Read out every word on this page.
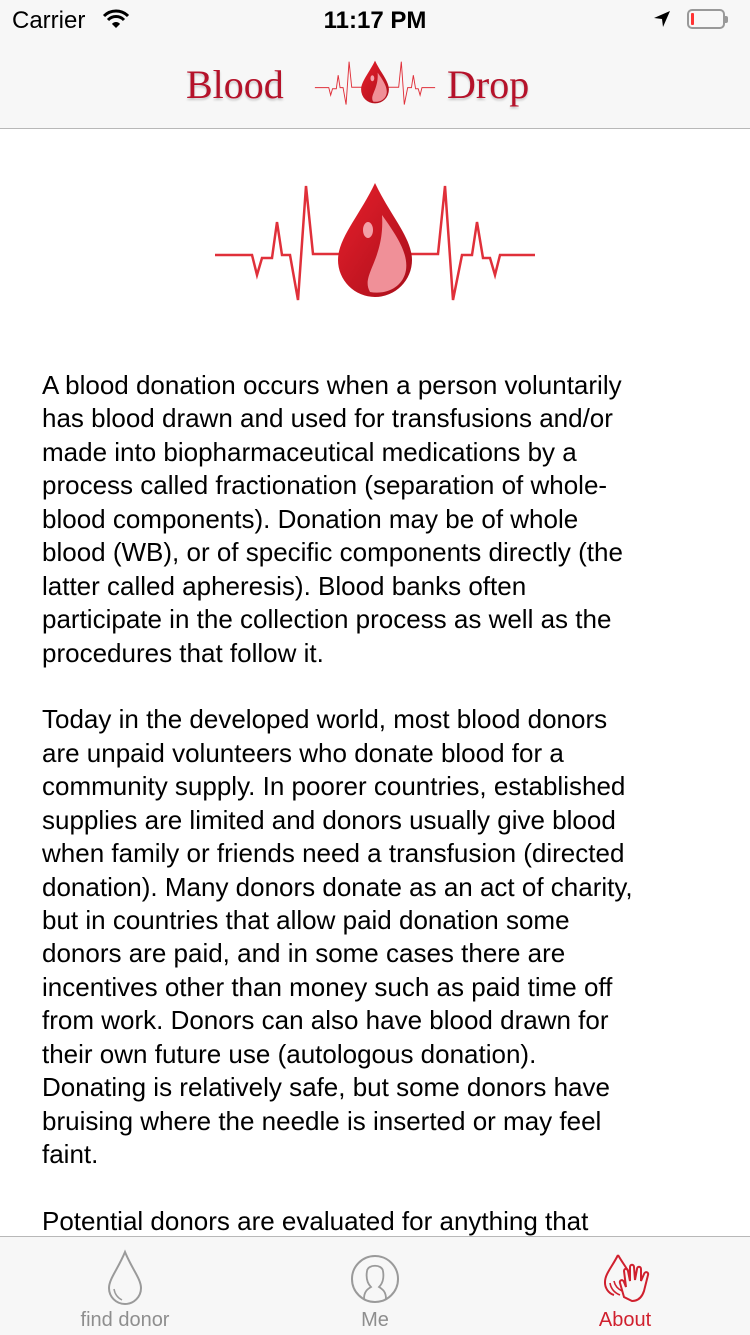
Carrier	11:17 PM
Blood	Drop
A blood donation occurs when a person voluntarily
has blood drawn and used for transfusions and/or
made into biopharmaceutical medications by a
process called fractionation (separation of whole-
blood components). Donation may be of whole
blood (WB), or of specific components directly (the
latter called apheresis). Blood banks often
participate in the collection process as well as the
procedures that follow it.
Today in the developed world, most blood donors
are unpaid volunteers who donate blood for a
community supply. In poorer countries, established
supplies are limited and donors usually give blood
when family or friends need a transfusion (directed
donation). Many donors donate as an act of charity,
but in countries that allow paid donation some
donors are paid, and in some cases there are
incentives other than money such as paid time off
from work. Donors can also have blood drawn for
their own future use (autologous donation).
Donating is relatively safe, but some donors have
bruising where the needle is inserted or may feel
faint.
Potential donors are evaluated for anything that
find donor	Me	About
